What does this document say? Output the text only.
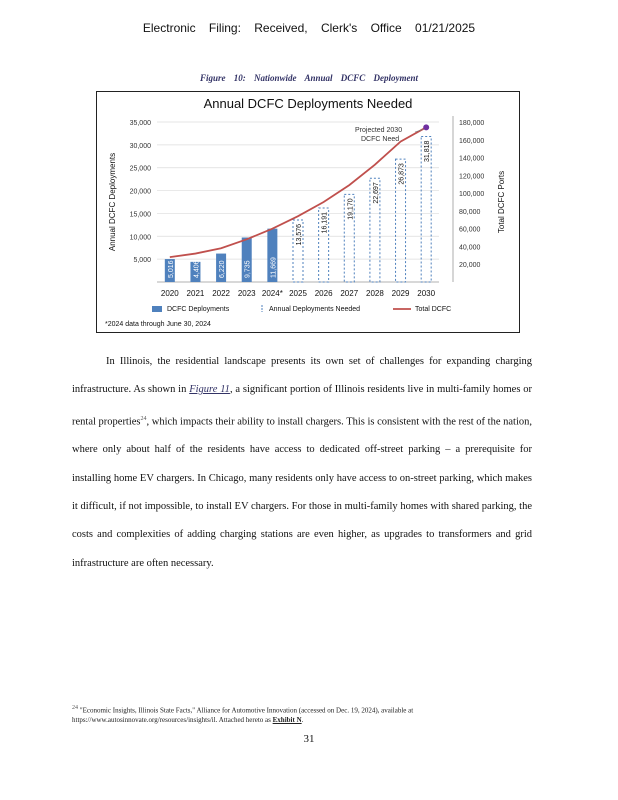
Electronic Filing: Received, Clerk's Office 01/21/2025
Figure 10: Nationwide Annual DCFC Deployment
Annual DCFC Deployments Needed
5,000
10,000
15,000
20,000
25,000
30,000
35,000
20,000
40,000
60,000
80,000
100,000
120,000
140,000
160,000
180,000
Annual DCFC Deployments	Total DCFC Ports
2020 2021 2022 2023 2024* 2025 2026 2027 2028 2029 2030
5,016	4,406	6,220	9,735	11,669
13,576
16,191
19,170
22,697
26,873
31,818
Projected 2030
DCFC Need
DCFC Deployments	Annual Deployments Needed	Total DCFC
*2024 data through June 30, 2024

In Illinois, the residential landscape presents its own set of challenges for expanding charging infrastructure. As shown in Figure 11, a significant portion of Illinois residents live in multi-family homes or rental properties$^{24}$, which impacts their ability to install chargers. This is consistent with the rest of the nation, where only about half of the residents have access to dedicated off-street parking – a prerequisite for installing home EV chargers. In Chicago, many residents only have access to on-street parking, which makes it difficult, if not impossible, to install EV chargers. For those in multi-family homes with shared parking, the costs and complexities of adding charging stations are even higher, as upgrades to transformers and grid infrastructure are often necessary.

24 "Economic Insights, Illinois State Facts," Alliance for Automotive Innovation (accessed on Dec. 19, 2024), available at https://www.autosinnovate.org/resources/insights/il. Attached hereto as Exhibit N.
31
